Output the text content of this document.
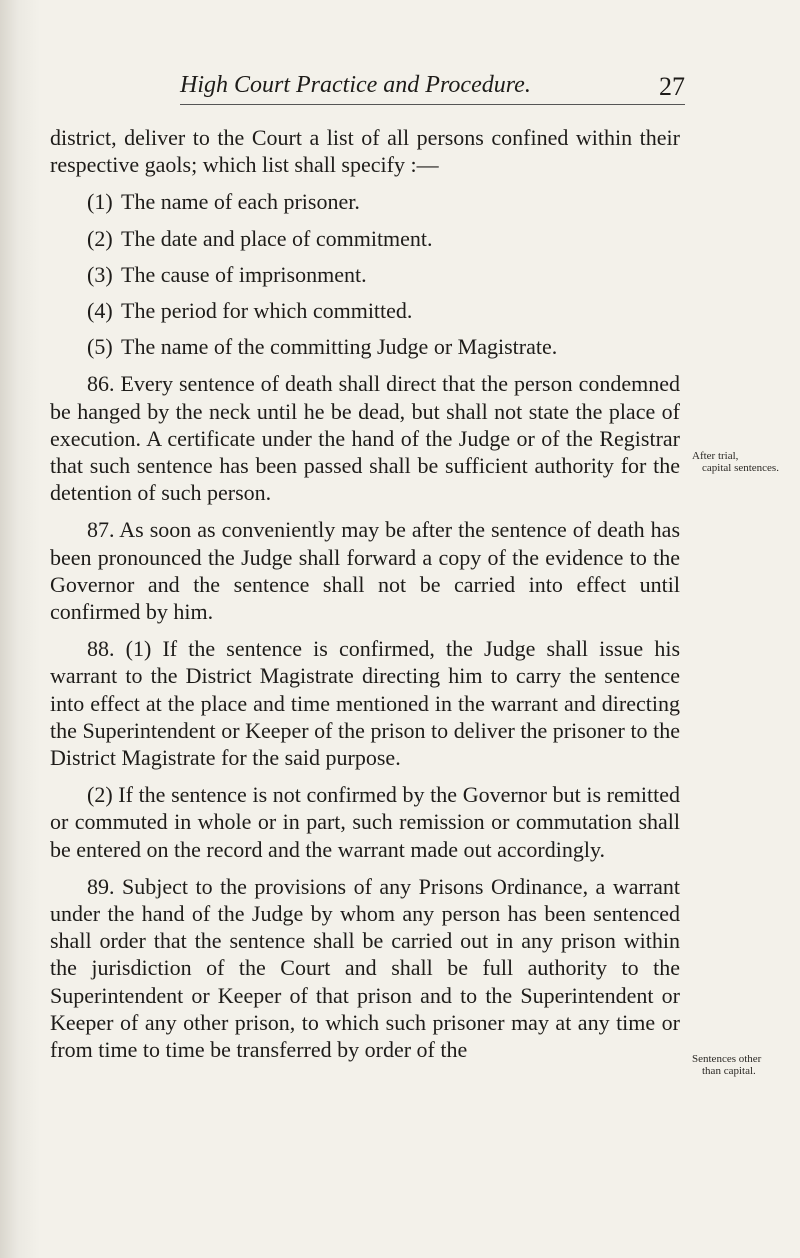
High Court Practice and Procedure.	27

district, deliver to the Court a list of all persons confined within their respective gaols; which list shall specify :—

(1) The name of each prisoner.

(2) The date and place of commitment.

(3) The cause of imprisonment.

(4) The period for which committed.

(5) The name of the committing Judge or Magistrate.

86. Every sentence of death shall direct that the person condemned be hanged by the neck until he be dead, but shall not state the place of execution. A certificate under the hand of the Judge or of the Registrar that such sentence has been passed shall be sufficient authority for the detention of such person.

87. As soon as conveniently may be after the sentence of death has been pronounced the Judge shall forward a copy of the evidence to the Governor and the sentence shall not be carried into effect until confirmed by him.

88. (1) If the sentence is confirmed, the Judge shall issue his warrant to the District Magistrate directing him to carry the sentence into effect at the place and time mentioned in the warrant and directing the Superintendent or Keeper of the prison to deliver the prisoner to the District Magistrate for the said purpose.

(2) If the sentence is not confirmed by the Governor but is remitted or commuted in whole or in part, such remission or commutation shall be entered on the record and the warrant made out accordingly.

89. Subject to the provisions of any Prisons Ordinance, a warrant under the hand of the Judge by whom any person has been sentenced shall order that the sentence shall be carried out in any prison within the jurisdiction of the Court and shall be full authority to the Superintendent or Keeper of that prison and to the Superintendent or Keeper of any other prison, to which such prisoner may at any time or from time to time be transferred by order of the

After trial,
capital sentences.
Sentences other
than capital.
